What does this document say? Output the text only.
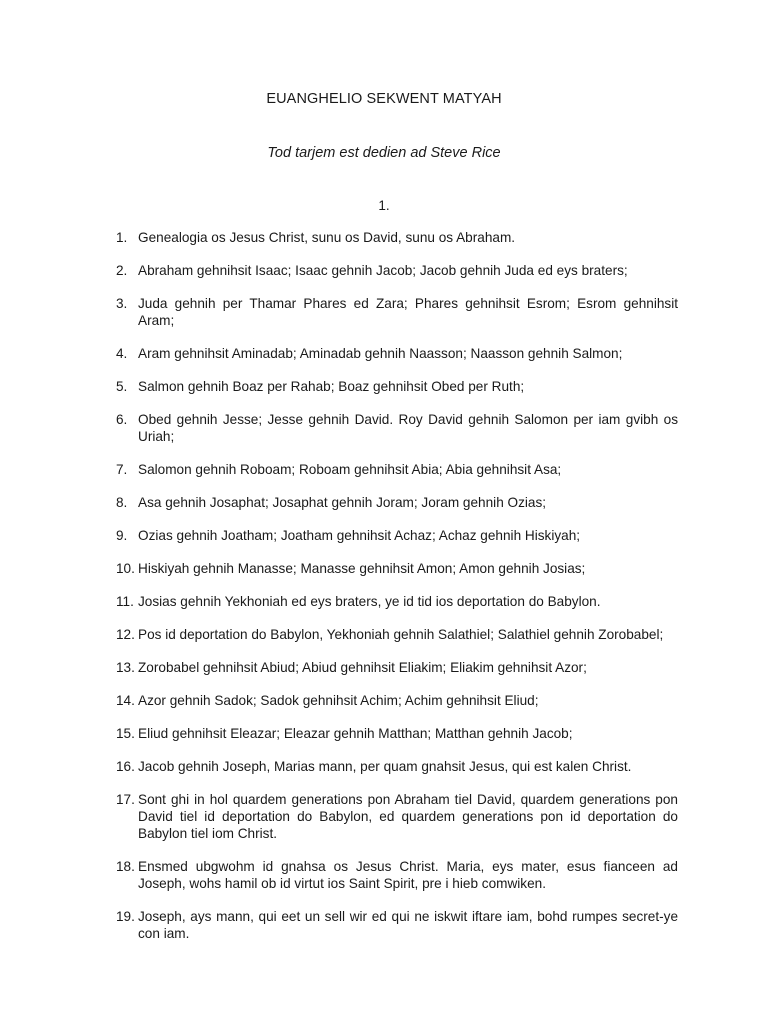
EUANGHELIO SEKWENT MATYAH
Tod tarjem est dedien ad Steve Rice
1.
1. Genealogia os Jesus Christ, sunu os David, sunu os Abraham.
2. Abraham gehnihsit Isaac; Isaac gehnih Jacob; Jacob gehnih Juda ed eys braters;
3. Juda gehnih per Thamar Phares ed Zara; Phares gehnihsit Esrom; Esrom gehnihsit Aram;
4. Aram gehnihsit Aminadab; Aminadab gehnih Naasson; Naasson gehnih Salmon;
5. Salmon gehnih Boaz per Rahab; Boaz gehnihsit Obed per Ruth;
6. Obed gehnih Jesse; Jesse gehnih David. Roy David gehnih Salomon per iam gvibh os Uriah;
7. Salomon gehnih Roboam; Roboam gehnihsit Abia; Abia gehnihsit Asa;
8. Asa gehnih Josaphat; Josaphat gehnih Joram; Joram gehnih Ozias;
9. Ozias gehnih Joatham; Joatham gehnihsit Achaz; Achaz gehnih Hiskiyah;
10. Hiskiyah gehnih Manasse; Manasse gehnihsit Amon; Amon gehnih Josias;
11. Josias gehnih Yekhoniah ed eys braters, ye id tid ios deportation do Babylon.
12. Pos id deportation do Babylon, Yekhoniah gehnih Salathiel; Salathiel gehnih Zorobabel;
13. Zorobabel gehnihsit Abiud; Abiud gehnihsit Eliakim; Eliakim gehnihsit Azor;
14. Azor gehnih Sadok; Sadok gehnihsit Achim; Achim gehnihsit Eliud;
15. Eliud gehnihsit Eleazar; Eleazar gehnih Matthan; Matthan gehnih Jacob;
16. Jacob gehnih Joseph, Marias mann, per quam gnahsit Jesus, qui est kalen Christ.
17. Sont ghi in hol quardem generations pon Abraham tiel David, quardem generations pon David tiel id deportation do Babylon, ed quardem generations pon id deportation do Babylon tiel iom Christ.
18. Ensmed ubgwohm id gnahsa os Jesus Christ. Maria, eys mater, esus fianceen ad Joseph, wohs hamil ob id virtut ios Saint Spirit, pre i hieb comwiken.
19. Joseph, ays mann, qui eet un sell wir ed qui ne iskwit iftare iam, bohd rumpes secret-ye con iam.
